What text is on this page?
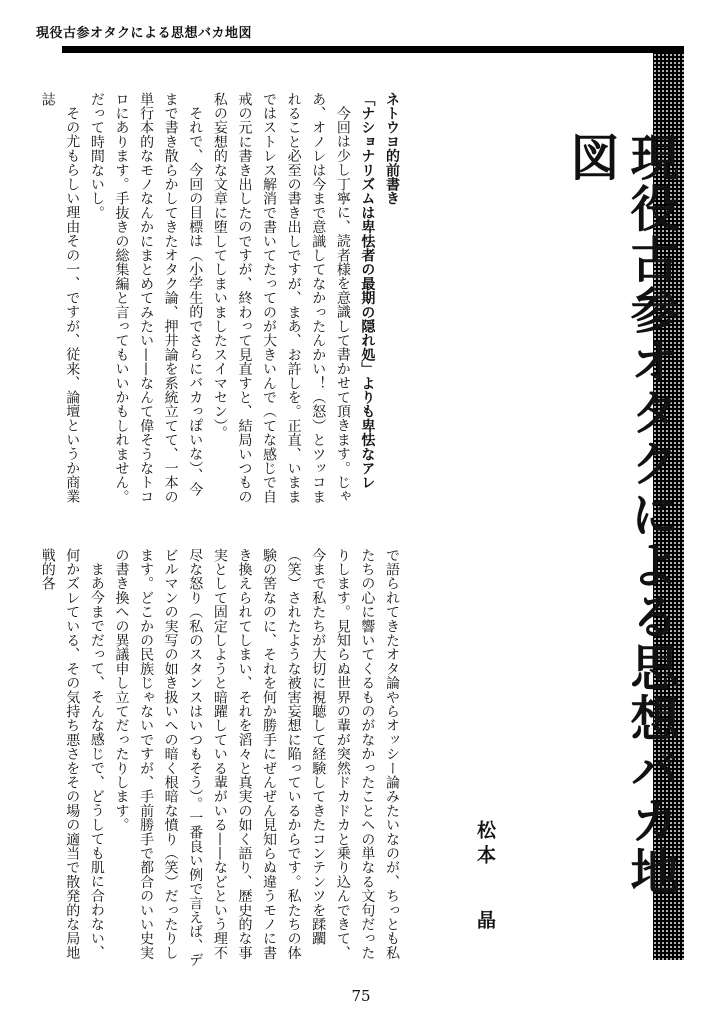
現役古参オタクによる思想バカ地図
現役古参オタクによる思想バカ地図
松本晶

ネトウヨ的前書き

「ナショナリズムは卑怯者の最期の隠れ処」よりも卑怯なアレ

今回は少し丁寧に、読者様を意識して書かせて頂きます。じゃあ、オノレは今まで意識してなかったんかい！（怒）とツッコまれること必至の書き出しですが、まあ、お許しを。正直、いままではストレス解消で書いてたってのが大きいんで（てな感じで自戒の元に書き出したのですが、終わって見直すと、結局いつもの私の妄想的な文章に堕してしまいましたスイマセン）。

それで、今回の目標は（小学生的でさらにバカっぽいな）、今まで書き散らかしてきたオタク論、押井論を系統立てて、一本の単行本的なモノなんかにまとめてみたい——なんて偉そうなトコロにあります。手抜きの総集編と言ってもいいかもしれません。だって時間ないし。

その尤もらしい理由その一、ですが、従来、論壇というか商業誌

で語られてきたオタ論やらオッシー論みたいなのが、ちっとも私たちの心に響いてくるものがなかったことへの単なる文句だったりします。見知らぬ世界の輩が突然ドカドカと乗り込んできて、今まで私たちが大切に視聴して経験してきたコンテンツを蹂躙（笑）されたような被害妄想に陥っているからです。私たちの体験の筈なのに、それを何か勝手にぜんぜん見知らぬ違うモノに書き換えられてしまい、それを滔々と真実の如く語り、歴史的な事実として固定しようと暗躍している輩がいる——などという理不尽な怒り（私のスタンスはいつもそう）。一番良い例で言えば、デビルマンの実写の如き扱いへの暗く根暗な憤り（笑）だったりします。どこかの民族じゃないですが、手前勝手で都合のいい史実の書き換への異議申し立てだったりします。

まあ今までだって、そんな感じで、どうしても肌に合わない、何かズレている、その気持ち悪さをその場の適当で散発的な局地戦的各

75
